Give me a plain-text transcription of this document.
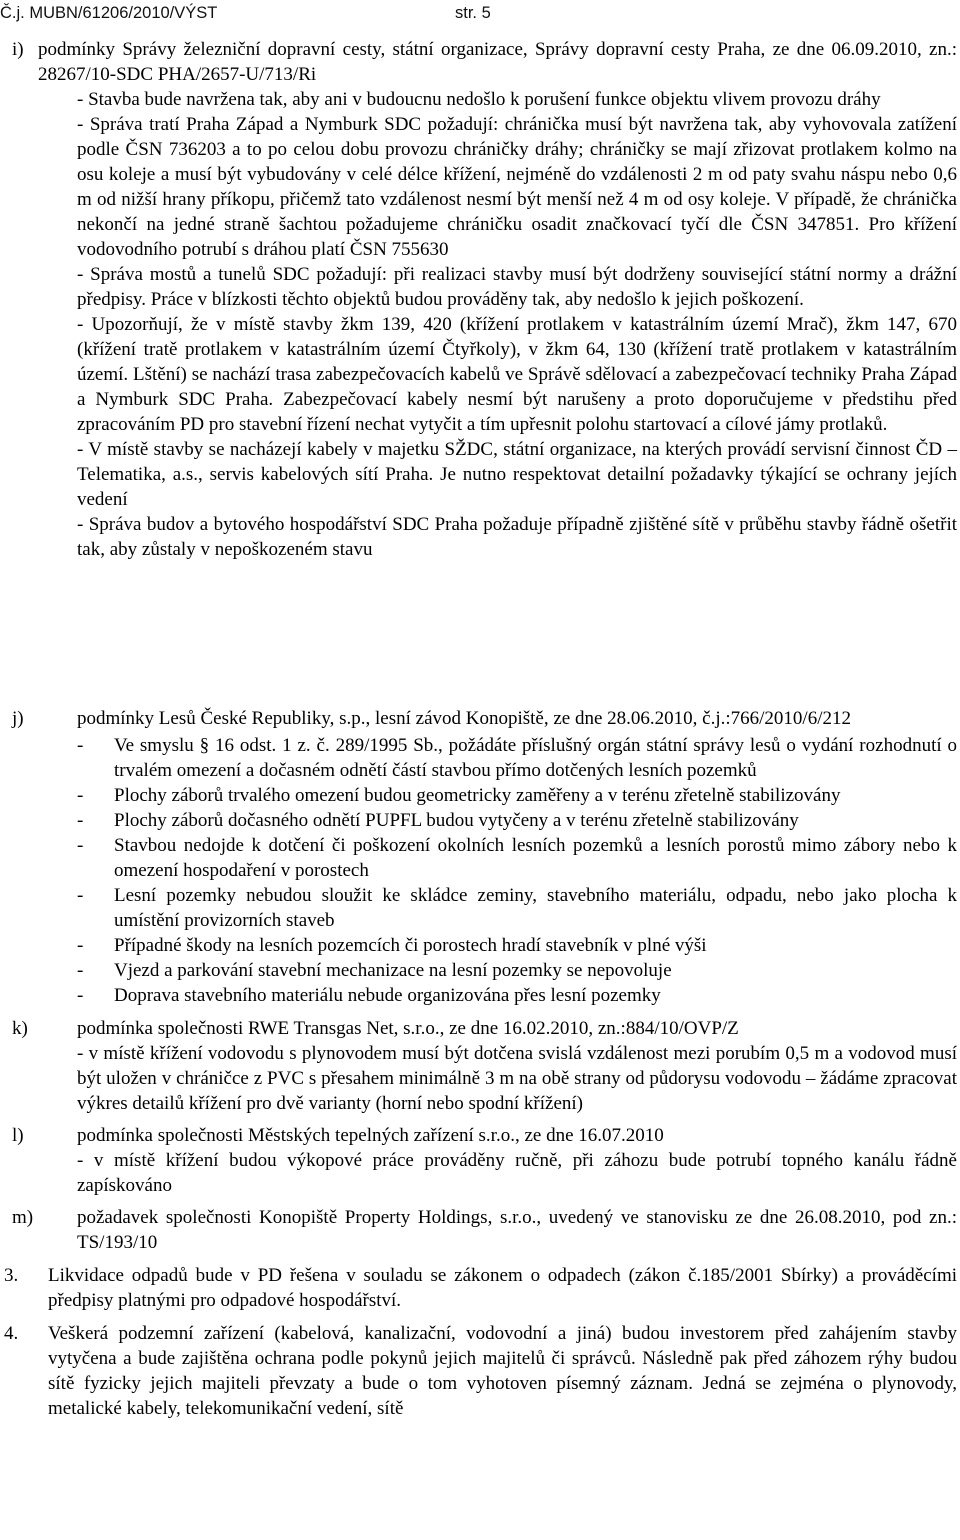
Č.j. MUBN/61206/2010/VÝST	str. 5
i) podmínky Správy železniční dopravní cesty, státní organizace, Správy dopravní cesty Praha, ze dne 06.09.2010, zn.: 28267/10-SDC PHA/2657-U/713/Ri
- Stavba bude navržena tak, aby ani v budoucnu nedošlo k porušení funkce objektu vlivem provozu dráhy
- Správa tratí Praha Západ a Nymburk SDC požadují: chránička musí být navržena tak, aby vyhovovala zatížení podle ČSN 736203 a to po celou dobu provozu chráničky dráhy; chráničky se mají zřizovat protlakem kolmo na osu koleje a musí být vybudovány v celé délce křížení, nejméně do vzdálenosti 2 m od paty svahu náspu nebo 0,6 m od nižší hrany příkopu, přičemž tato vzdálenost nesmí být menší než 4 m od osy koleje. V případě, že chránička nekončí na jedné straně šachtou požadujeme chráničku osadit značkovací tyčí dle ČSN 347851. Pro křížení vodovodního potrubí s dráhou platí ČSN 755630
- Správa mostů a tunelů SDC požadují: při realizaci stavby musí být dodrženy související státní normy a drážní předpisy. Práce v blízkosti těchto objektů budou prováděny tak, aby nedošlo k jejich poškození.
- Upozorňují, že v místě stavby žkm 139, 420 (křížení protlakem v katastrálním území Mrač), žkm 147, 670 (křížení tratě protlakem v katastrálním území Čtyřkoly), v žkm 64, 130 (křížení tratě protlakem v katastrálním území. Lštění) se nachází trasa zabezpečovacích kabelů ve Správě sdělovací a zabezpečovací techniky Praha Západ a Nymburk SDC Praha. Zabezpečovací kabely nesmí být narušeny a proto doporučujeme v předstihu před zpracováním PD pro stavební řízení nechat vytyčit a tím upřesnit polohu startovací a cílové jámy protlaků.
- V místě stavby se nacházejí kabely v majetku SŽDC, státní organizace, na kterých provádí servisní činnost ČD – Telematika, a.s., servis kabelových sítí Praha. Je nutno respektovat detailní požadavky týkající se ochrany jejích vedení
- Správa budov a bytového hospodářství SDC Praha požaduje případně zjištěné sítě v průběhu stavby řádně ošetřit tak, aby zůstaly v nepoškozeném stavu
j)	podmínky Lesů České Republiky, s.p., lesní závod Konopiště, ze dne 28.06.2010, č.j.:766/2010/6/212
- Ve smyslu § 16 odst. 1 z. č. 289/1995 Sb., požádáte příslušný orgán státní správy lesů o vydání rozhodnutí o trvalém omezení a dočasném odnětí částí stavbou přímo dotčených lesních pozemků
- Plochy záborů trvalého omezení budou geometricky zaměřeny a v terénu zřetelně stabilizovány
- Plochy záborů dočasného odnětí PUPFL budou vytyčeny a v terénu zřetelně stabilizovány
- Stavbou nedojde k dotčení či poškození okolních lesních pozemků a lesních porostů mimo zábory nebo k omezení hospodaření v porostech
- Lesní pozemky nebudou sloužit ke skládce zeminy, stavebního materiálu, odpadu, nebo jako plocha k umístění provizorních staveb
- Případné škody na lesních pozemcích či porostech hradí stavebník v plné výši
- Vjezd a parkování stavební mechanizace na lesní pozemky se nepovoluje
- Doprava stavebního materiálu nebude organizována přes lesní pozemky
k)	podmínka společnosti RWE Transgas Net, s.r.o., ze dne 16.02.2010, zn.:884/10/OVP/Z
- v místě křížení vodovodu s plynovodem musí být dotčena svislá vzdálenost mezi porubím 0,5 m a vodovod musí být uložen v chráničce z PVC s přesahem minimálně 3 m na obě strany od půdorysu vodovodu – žádáme zpracovat výkres detailů křížení pro dvě varianty (horní nebo spodní křížení)
l)	podmínka společnosti Městských tepelných zařízení s.r.o., ze dne 16.07.2010
- v místě křížení budou výkopové práce prováděny ručně, při záhozu bude potrubí topného kanálu řádně zapískováno
m) požadavek společnosti Konopiště Property Holdings, s.r.o., uvedený ve stanovisku ze dne 26.08.2010, pod zn.: TS/193/10
3. Likvidace odpadů bude v PD řešena v souladu se zákonem o odpadech (zákon č.185/2001 Sbírky) a prováděcími předpisy platnými pro odpadové hospodářství.
4. Veškerá podzemní zařízení (kabelová, kanalizační, vodovodní a jiná) budou investorem před zahájením stavby vytyčena a bude zajištěna ochrana podle pokynů jejich majitelů či správců. Následně pak před záhozem rýhy budou sítě fyzicky jejich majiteli převzaty a bude o tom vyhotoven písemný záznam. Jedná se zejména o plynovody, metalické kabely, telekomunikační vedení, sítě
